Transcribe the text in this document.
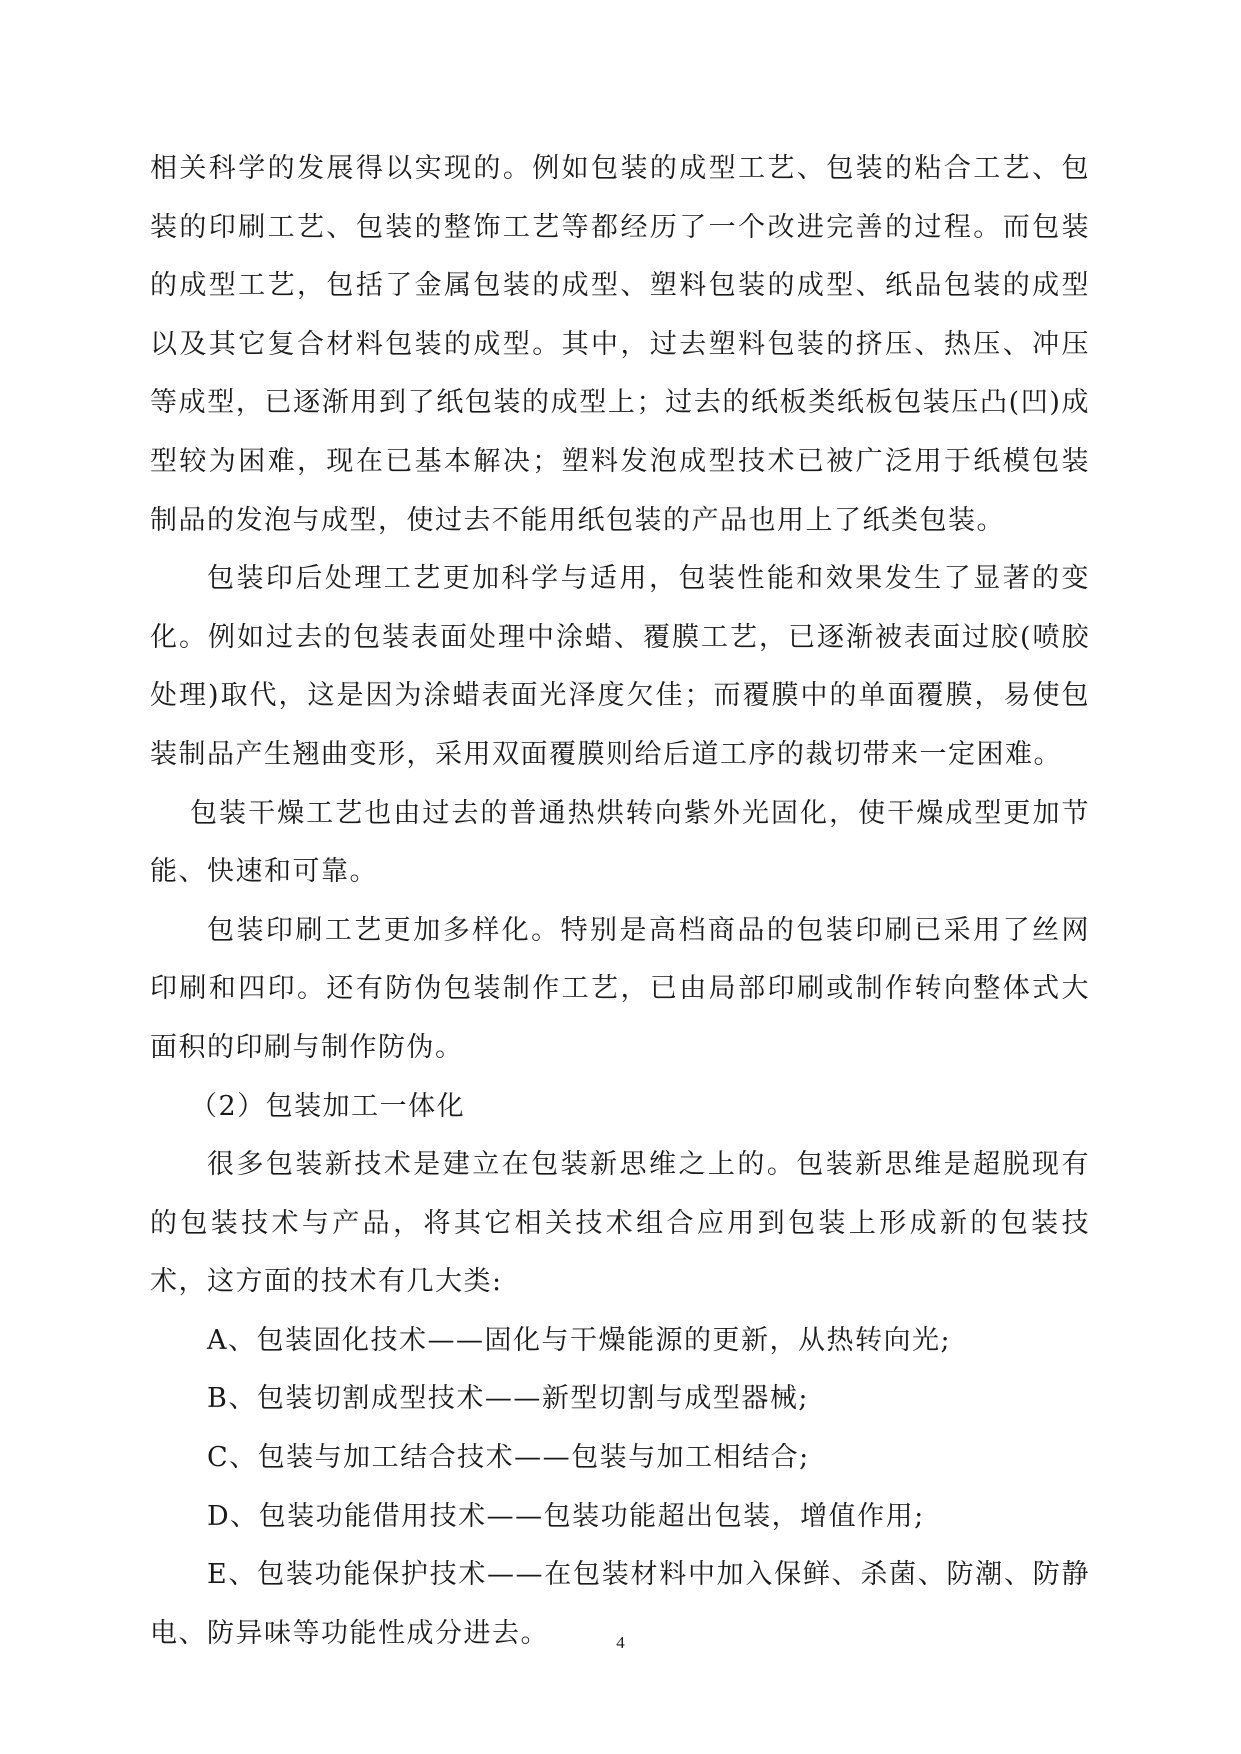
相关科学的发展得以实现的。例如包装的成型工艺、包装的粘合工艺、包装的印刷工艺、包装的整饰工艺等都经历了一个改进完善的过程。而包装的成型工艺，包括了金属包装的成型、塑料包装的成型、纸品包装的成型以及其它复合材料包装的成型。其中，过去塑料包装的挤压、热压、冲压等成型，已逐渐用到了纸包装的成型上；过去的纸板类纸板包装压凸(凹)成型较为困难，现在已基本解决；塑料发泡成型技术已被广泛用于纸模包装制品的发泡与成型，使过去不能用纸包装的产品也用上了纸类包装。

包装印后处理工艺更加科学与适用，包装性能和效果发生了显著的变化。例如过去的包装表面处理中涂蜡、覆膜工艺，已逐渐被表面过胶(喷胶处理)取代，这是因为涂蜡表面光泽度欠佳；而覆膜中的单面覆膜，易使包装制品产生翘曲变形，采用双面覆膜则给后道工序的裁切带来一定困难。

包装干燥工艺也由过去的普通热烘转向紫外光固化，使干燥成型更加节能、快速和可靠。

包装印刷工艺更加多样化。特别是高档商品的包装印刷已采用了丝网印刷和四印。还有防伪包装制作工艺，已由局部印刷或制作转向整体式大面积的印刷与制作防伪。

（2）包装加工一体化

很多包装新技术是建立在包装新思维之上的。包装新思维是超脱现有的包装技术与产品，将其它相关技术组合应用到包装上形成新的包装技术，这方面的技术有几大类:

A、包装固化技术——固化与干燥能源的更新，从热转向光;

B、包装切割成型技术——新型切割与成型器械;

C、包装与加工结合技术——包装与加工相结合;

D、包装功能借用技术——包装功能超出包装，增值作用;

E、包装功能保护技术——在包装材料中加入保鲜、杀菌、防潮、防静电、防异味等功能性成分进去。	4
